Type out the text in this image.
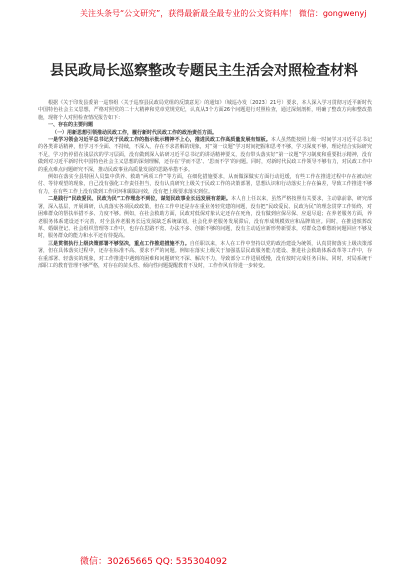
关注头条号“公文研究”，获得最新最全最专业的公文资料库！ 微信：gongwenyj
县民政局长巡察整改专题民主生活会对照检查材料

根据《关于印发县委第一巡察组〈关于巡察县民政局党组的反馈意见〉的通知》（城巡办发〔2023〕21号）要求，本人深入学习贯彻习近平新时代中国特色社会主义思想，严格对照党的二十大精神和党章党规党纪，认真从3个方面26个问题进行对照检查，通过深刻剖析，明确了整改方向和整改措施，现将个人对照检查情况报告如下：

一、存在的主要问题

（一）用新思想引领推动民政工作，履行新时代民政工作的政治责任方面。

一是学习领会习近平总书记关于民政工作的指示批示精神不上心，推进民政工作高质量发展有短板。本人虽然能按照上级一时间学习习近平总书记的各类讲话精神，但学习不全面、不持续，不深入，存在不求甚解的现象，对“第一议题”学习时间把握和思考不够，学习深度不够，理论结合实际研究不足，学习仍停留在浅层次的学习层面，没有做到深入钻研习近平总书记的讲话精神要义，没有带头落实好“第一议题”学习制度和重要批示精神，没有做到对习近平新时代中国特色社会主义思想的深刻理解，还存在‘学而不思’、‘思而不学’的问题。同时，对新时代民政工作领导不够有力，对民政工作中的重点难点问题研究不深，推动民政事业高质量发展的思路举措不多。

例如在落实全县特困人员集中供养、救助“两项工作”等方面，在细化措施要求，从而做深做实方面行动迟缓，有些工作在推进过程中存在被动应付、等待观望的现象，自己没有强化工作责任担当，没有认真研究上级关于民政工作的决策部署，思想认识和行动落实上存在偏差，导致工作推进不够有力，在有些工作上没有做到工作闭环和跟踪问效，没有把上级要求落实到位。

二是践行“民政爱民、民政为民”工作理念不到位，谋划民政事业长远发展有差距。本人自上任以来，虽然严格按照有关要求，主动靠前靠，研究部署，深入基层，开展调研，认真落实各项民政政策，但在工作中还是存在重业务轻党建的问题，没有把“民政爱民、民政为民”的理念贯穿工作始终，对困难群众的帮扶举措不多、力度不够。例如，在社会救助方面，民政对低保对象认定还存在死角，没有做到应保尽保、应退尽退；在养老服务方面，养老服务体系建设还不完善，对全县养老服务长远发展缺乏系统谋划，社会化养老服务发展滞后，没有形成规模效应和品牌效应。同时，在推进殡葬改革、婚姻登记、社会组织管理等工作中，也存在思路不宽、办法不多、创新不够的问题，没有主动适应新形势新要求，对群众急难愁盼问题回应不够及时，服务群众的能力和水平还有待提高。

三是贯彻执行上级决策部署不够坚决，重点工作推进措施不力。自任职以来，本人在工作中坚持以党的政治建设为统领，认真贯彻落实上级决策部署，但在具体落实过程中，还存在标准不高、要求不严的问题。例如在落实上级关于加强基层民政服务能力建设、推进社会救助体系改革等工作中，存在重部署、轻落实的现象，对工作推进中遇到的困难和问题研究不深、解决不力，导致部分工作进展缓慢，没有按时完成任务目标。同时，对局系统干部职工的教育管理不够严格，对存在的苗头性、倾向性问题提醒教育不及时，工作作风有待进一步转变。

微信：30265665 QQ: 535304092
